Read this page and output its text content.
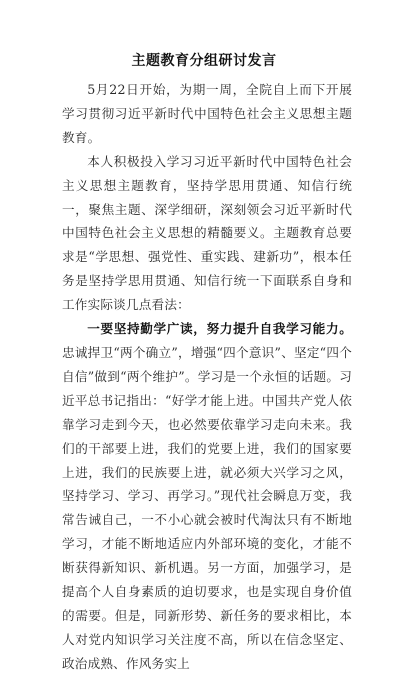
主题教育分组研讨发言

5月22日开始，为期一周，全院自上而下开展学习贯彻习近平新时代中国特色社会主义思想主题教育。

本人积极投入学习习近平新时代中国特色社会主义思想主题教育，坚持学思用贯通、知信行统一，聚焦主题、深学细研，深刻领会习近平新时代中国特色社会主义思想的精髓要义。主题教育总要求是“学思想、强党性、重实践、建新功”，根本任务是坚持学思用贯通、知信行统一下面联系自身和工作实际谈几点看法：

一要坚持勤学广读，努力提升自我学习能力。忠诚捍卫“两个确立”，增强“四个意识”、坚定“四个自信”做到“两个维护”。学习是一个永恒的话题。习近平总书记指出：“好学才能上进。中国共产党人依靠学习走到今天，也必然要依靠学习走向未来。我们的干部要上进，我们的党要上进，我们的国家要上进，我们的民族要上进，就必须大兴学习之风，坚持学习、学习、再学习。”现代社会瞬息万变，我常告诫自己，一不小心就会被时代淘汰只有不断地学习，才能不断地适应内外部环境的变化，才能不断获得新知识、新机遇。另一方面，加强学习，是提高个人自身素质的迫切要求，也是实现自身价值的需要。但是，同新形势、新任务的要求相比，本人对党内知识学习关注度不高，所以在信念坚定、政治成熟、作风务实上
